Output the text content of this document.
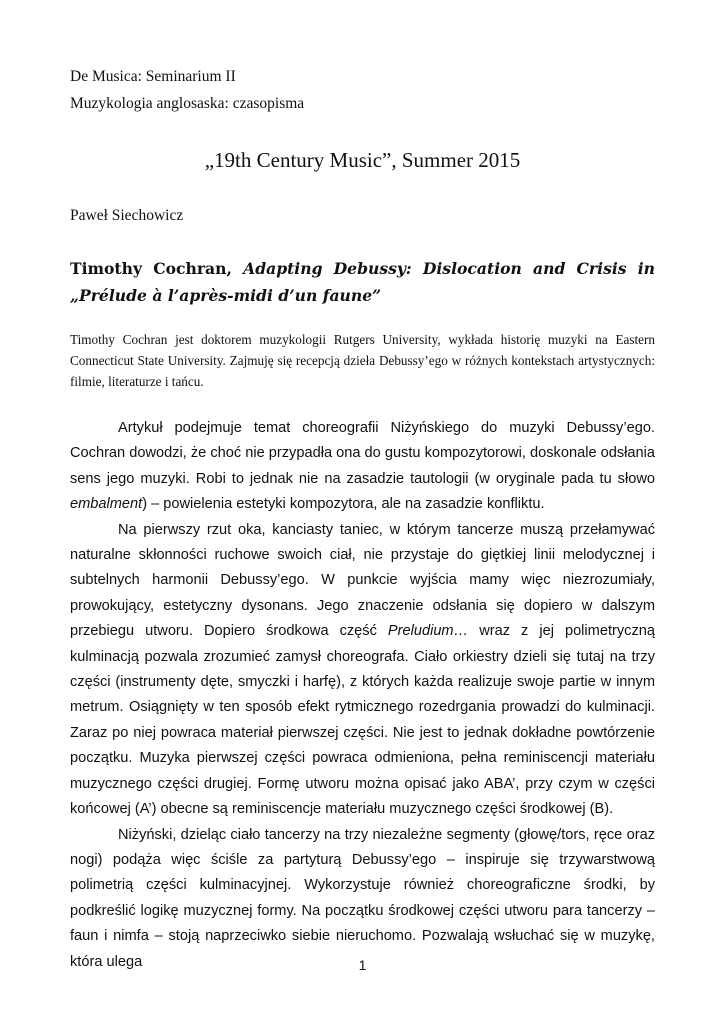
De Musica: Seminarium II
Muzykologia anglosaska: czasopisma
„19th Century Music”, Summer 2015
Paweł Siechowicz
Timothy Cochran, Adapting Debussy: Dislocation and Crisis in „Prélude à l’après-midi d’un faune”
Timothy Cochran jest doktorem muzykologii Rutgers University, wykłada historię muzyki na Eastern Connecticut State University. Zajmuję się recepcją dzieła Debussy’ego w różnych kontekstach artystycznych: filmie, literaturze i tańcu.

Artykuł podejmuje temat choreografii Niżyńskiego do muzyki Debussy’ego. Cochran dowodzi, że choć nie przypadła ona do gustu kompozytorowi, doskonale odsłania sens jego muzyki. Robi to jednak nie na zasadzie tautologii (w oryginale pada tu słowo embalment) – powielenia estetyki kompozytora, ale na zasadzie konfliktu.

Na pierwszy rzut oka, kanciasty taniec, w którym tancerze muszą przełamywać naturalne skłonności ruchowe swoich ciał, nie przystaje do giętkiej linii melodycznej i subtelnych harmonii Debussy’ego. W punkcie wyjścia mamy więc niezrozumiały, prowokujący, estetyczny dysonans. Jego znaczenie odsłania się dopiero w dalszym przebiegu utworu. Dopiero środkowa część Preludium… wraz z jej polimetryczną kulminacją pozwala zrozumieć zamysł choreografa. Ciało orkiestry dzieli się tutaj na trzy części (instrumenty dęte, smyczki i harfę), z których każda realizuje swoje partie w innym metrum. Osiągnięty w ten sposób efekt rytmicznego rozedrgania prowadzi do kulminacji. Zaraz po niej powraca materiał pierwszej części. Nie jest to jednak dokładne powtórzenie początku. Muzyka pierwszej części powraca odmieniona, pełna reminiscencji materiału muzycznego części drugiej. Formę utworu można opisać jako ABA’, przy czym w części końcowej (A’) obecne są reminiscencje materiału muzycznego części środkowej (B).

Niżyński, dzieląc ciało tancerzy na trzy niezależne segmenty (głowę/tors, ręce oraz nogi) podąża więc ściśle za partyturą Debussy’ego – inspiruje się trzywarstwową polimetrią części kulminacyjnej. Wykorzystuje również choreograficzne środki, by podkreślić logikę muzycznej formy. Na początku środkowej części utworu para tancerzy – faun i nimfa – stoją naprzeciwko siebie nieruchomo. Pozwalają wsłuchać się w muzykę, która ulega	1
